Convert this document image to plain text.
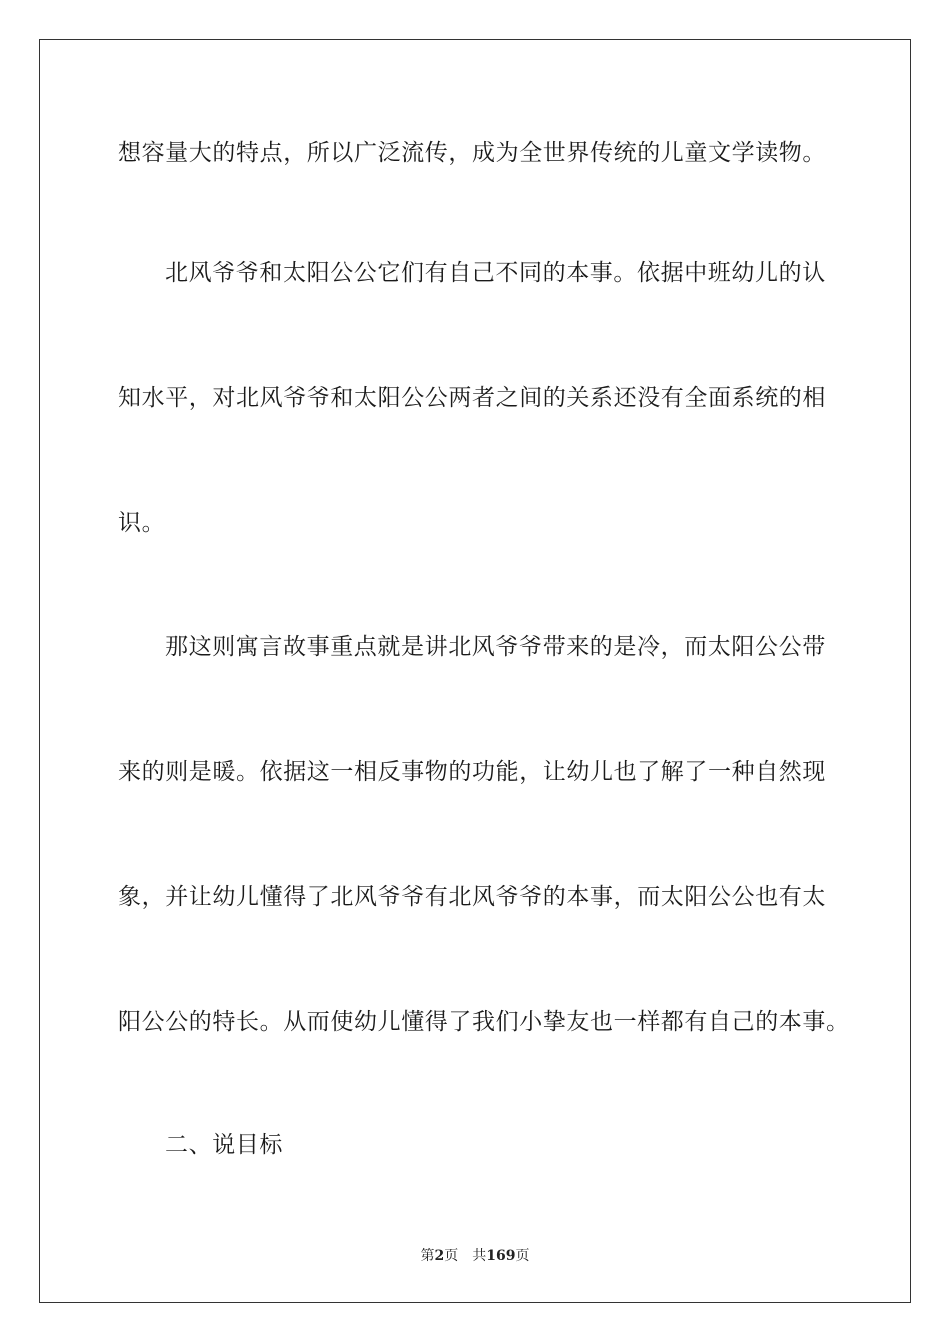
想容量大的特点，所以广泛流传，成为全世界传统的儿童文学读物。
北风爷爷和太阳公公它们有自己不同的本事。依据中班幼儿的认
知水平，对北风爷爷和太阳公公两者之间的关系还没有全面系统的相
识。
那这则寓言故事重点就是讲北风爷爷带来的是冷，而太阳公公带
来的则是暖。依据这一相反事物的功能，让幼儿也了解了一种自然现
象，并让幼儿懂得了北风爷爷有北风爷爷的本事，而太阳公公也有太
阳公公的特长。从而使幼儿懂得了我们小挚友也一样都有自己的本事。
二、说目标
第2页 共169页
